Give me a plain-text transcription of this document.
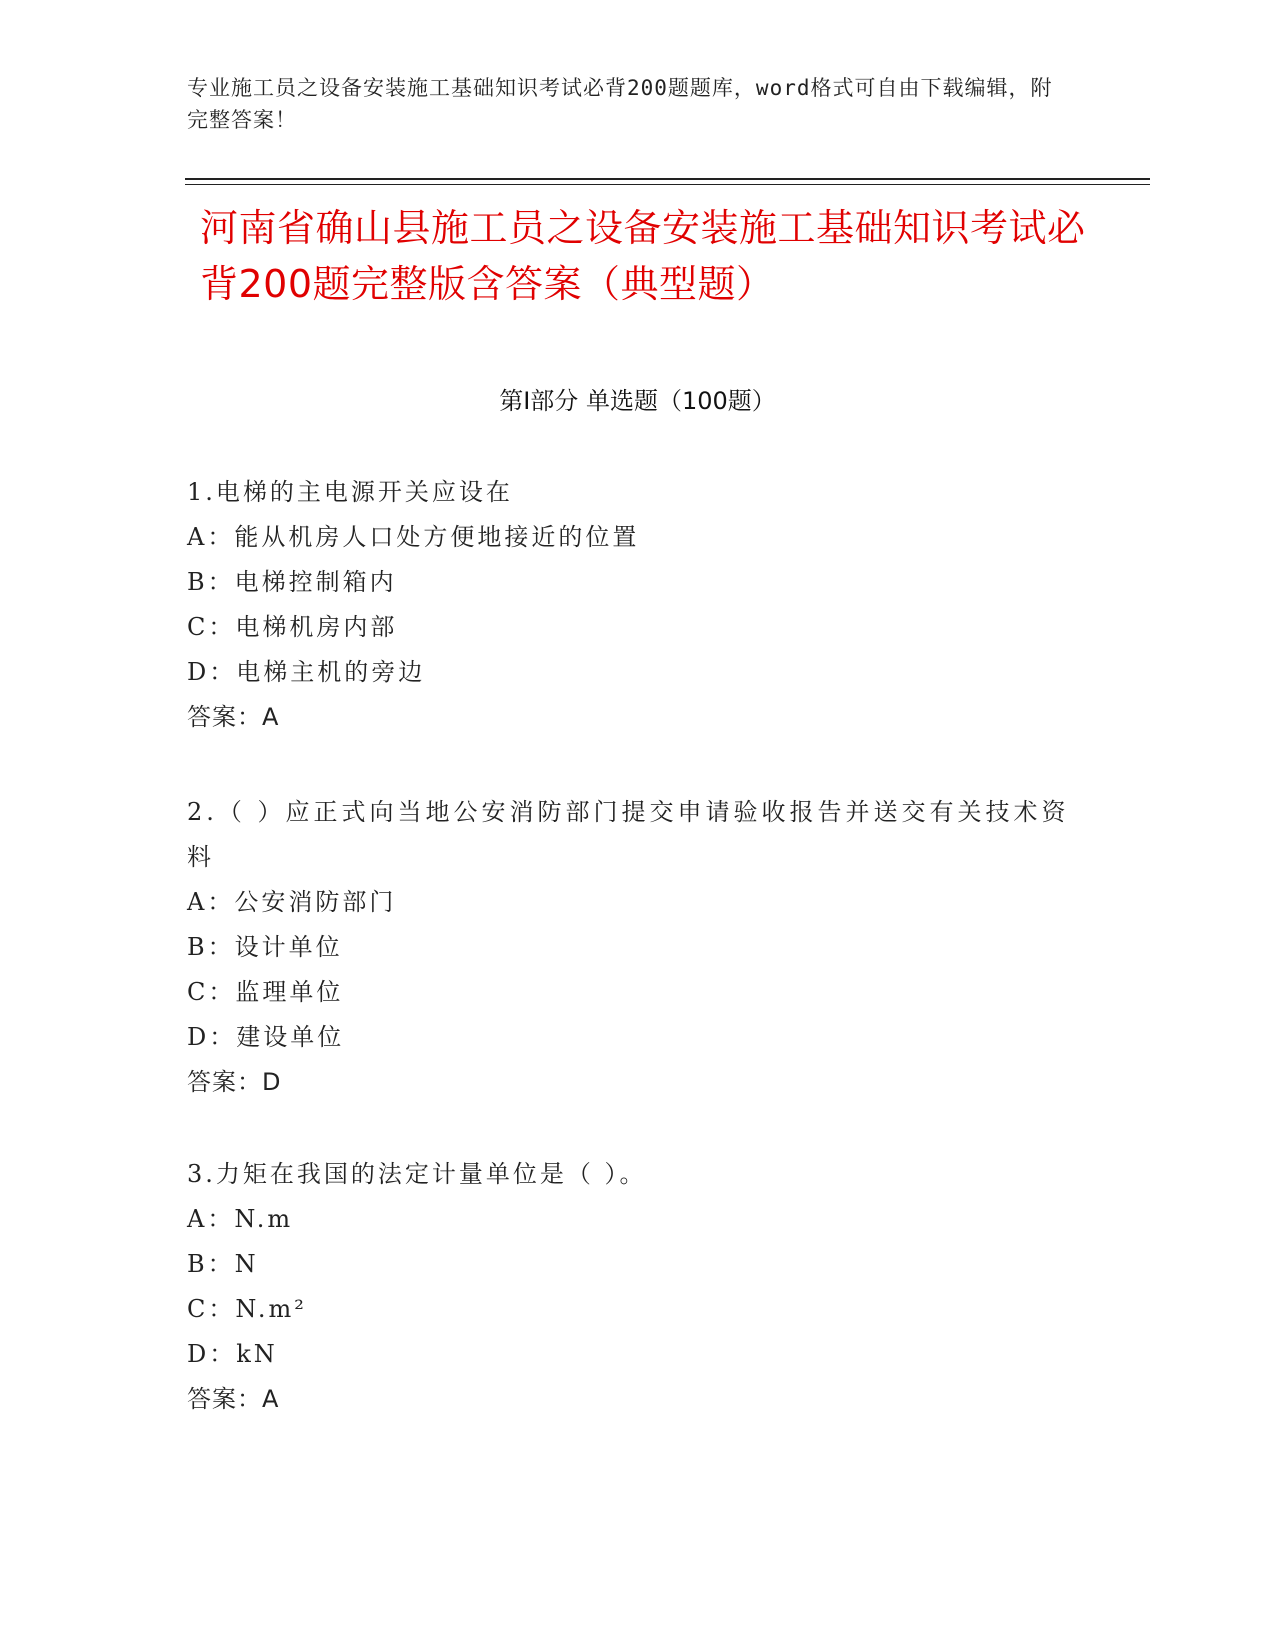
专业施工员之设备安装施工基础知识考试必背200题题库，word格式可自由下载编辑，附完整答案！
河南省确山县施工员之设备安装施工基础知识考试必背200题完整版含答案（典型题）
第Ⅰ部分 单选题（100题）
1.电梯的主电源开关应设在
A：能从机房人口处方便地接近的位置
B：电梯控制箱内
C：电梯机房内部
D：电梯主机的旁边
答案：A
2.（ ）应正式向当地公安消防部门提交申请验收报告并送交有关技术资料
A：公安消防部门
B：设计单位
C：监理单位
D：建设单位
答案：D
3.力矩在我国的法定计量单位是（ ）。
A：N.m
B：N
C：N.m²
D：kN
答案：A
